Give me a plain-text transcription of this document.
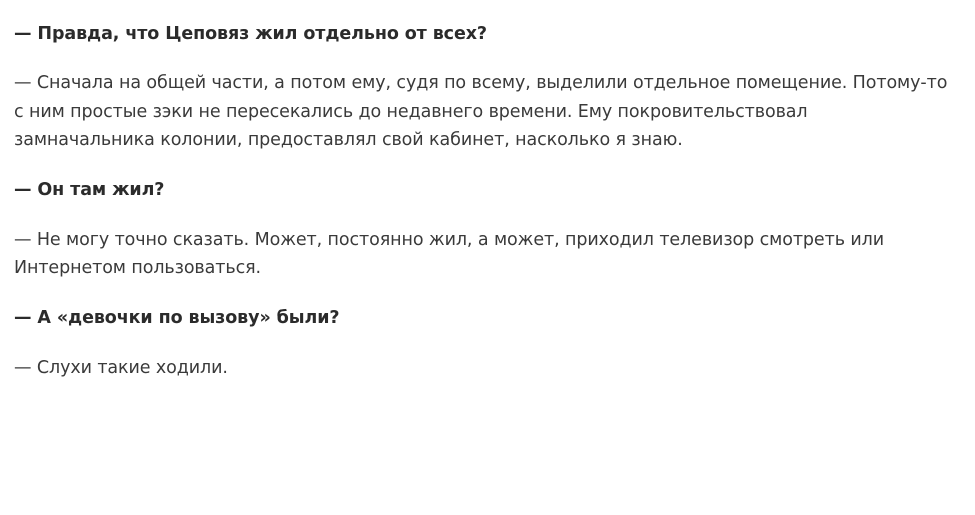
— Правда, что Цеповяз жил отдельно от всех?

— Сначала на общей части, а потом ему, судя по всему, выделили отдельное помещение. Потому-то с ним простые зэки не пересекались до недавнего времени. Ему покровительствовал замначальника колонии, предоставлял свой кабинет, насколько я знаю.

— Он там жил?

— Не могу точно сказать. Может, постоянно жил, а может, приходил телевизор смотреть или Интернетом пользоваться.

— А «девочки по вызову» были?

— Слухи такие ходили.
